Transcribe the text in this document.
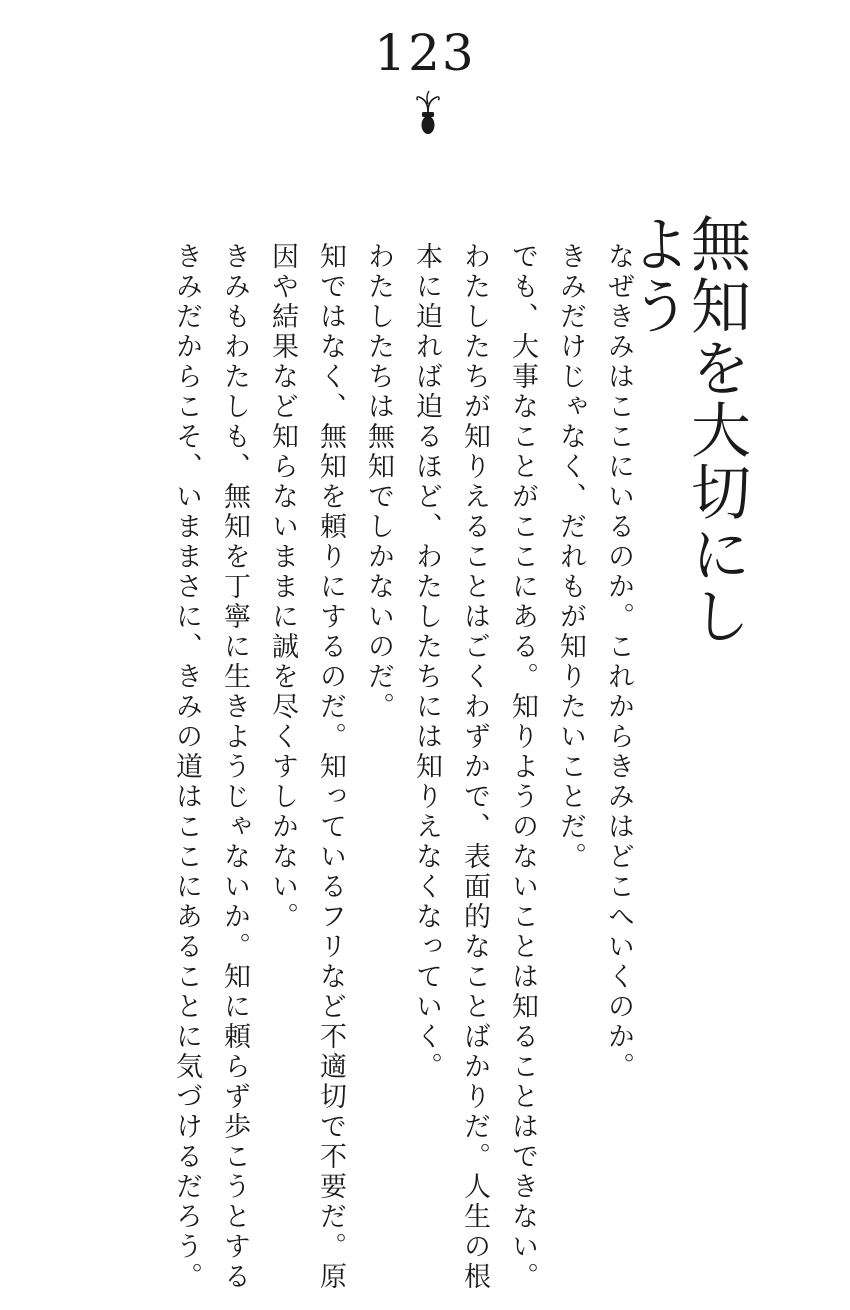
123
無知を大切にしよう
なぜきみはここにいるのか。これからきみはどこへいくのか。
きみだけじゃなく、だれもが知りたいことだ。
でも、大事なことがここにある。知りようのないことは知ることはできない。
わたしたちが知りえることはごくわずかで、表面的なことばかりだ。人生の根
本に迫れば迫るほど、わたしたちには知りえなくなっていく。
わたしたちは無知でしかないのだ。
知ではなく、無知を頼りにするのだ。知っているフリなど不適切で不要だ。原
因や結果など知らないままに誠を尽くすしかない。
きみもわたしも、無知を丁寧に生きようじゃないか。知に頼らず歩こうとする
きみだからこそ、いままさに、きみの道はここにあることに気づけるだろう。
